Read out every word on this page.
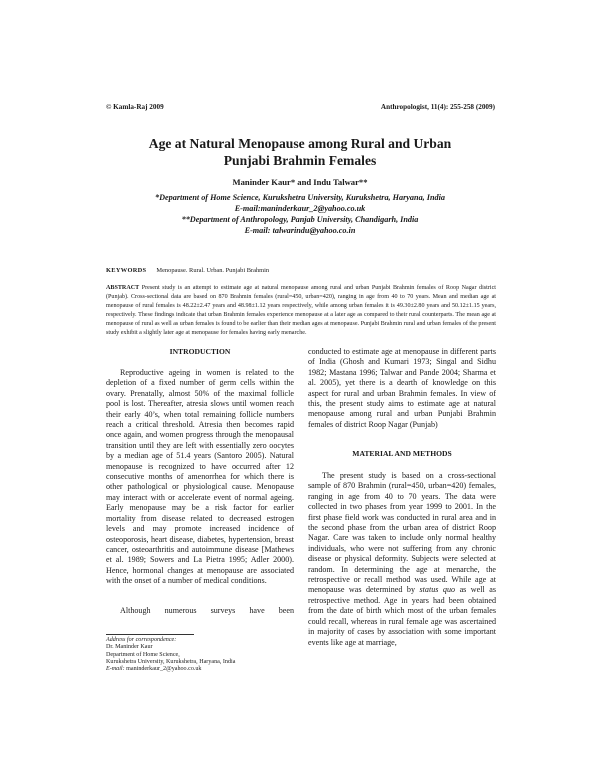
© Kamla-Raj 2009	Anthropologist, 11(4): 255-258 (2009)
Age at Natural Menopause among Rural and Urban
Punjabi Brahmin Females
Maninder Kaur* and Indu Talwar**
*Department of Home Science, Kurukshetra University, Kurukshetra, Haryana, India
E-mail:maninderkaur_2@yahoo.co.uk
**Department of Anthropology, Panjab University, Chandigarh, India
E-mail: talwarindu@yahoo.co.in
KEYWORDS Menopause. Rural. Urban. Punjabi Brahmin
ABSTRACT Present study is an attempt to estimate age at natural menopause among rural and urban Punjabi Brahmin females of Roop Nagar district (Punjab). Cross-sectional data are based on 870 Brahmin females (rural=450, urban=420), ranging in age from 40 to 70 years. Mean and median age at menopause of rural females is 48.22±2.47 years and 48.98±1.12 years respectively, while among urban females it is 49.30±2.80 years and 50.12±1.15 years, respectively. These findings indicate that urban Brahmin females experience menopause at a later age as compared to their rural counterparts. The mean age at menopause of rural as well as urban females is found to be earlier than their median ages at menopause. Punjabi Brahmin rural and urban females of the present study exhibit a slightly later age at menopause for females having early menarche.
INTRODUCTION
Reproductive ageing in women is related to the depletion of a fixed number of germ cells within the ovary. Prenatally, almost 50% of the maximal follicle pool is lost. Thereafter, atresia slows until women reach their early 40’s, when total remaining follicle numbers reach a critical threshold. Atresia then becomes rapid once again, and women progress through the menopausal transition until they are left with essentially zero oocytes by a median age of 51.4 years (Santoro 2005). Natural menopause is recognized to have occurred after 12 consecutive months of amenorrhea for which there is other pathological or physiological cause. Menopause may interact with or accelerate event of normal ageing. Early menopause may be a risk factor for earlier mortality from disease related to decreased estrogen levels and may promote increased incidence of osteoporosis, heart disease, diabetes, hypertension, breast cancer, osteoarthritis and autoimmune disease [Mathews et al. 1989; Sowers and La Pietra 1995; Adler 2000). Hence, hormonal changes at menopause are associated with the onset of a number of medical conditions.
Although numerous surveys have been
Address for correspondence:
Dr. Maninder Kaur
Department of Home Science,
Kurukshetra University, Kurukshetra, Haryana, India
E-mail: maninderkaur_2@yahoo.co.uk
conducted to estimate age at menopause in different parts of India (Ghosh and Kumari 1973; Singal and Sidhu 1982; Mastana 1996; Talwar and Pande 2004; Sharma et al. 2005), yet there is a dearth of knowledge on this aspect for rural and urban Brahmin females. In view of this, the present study aims to estimate age at natural menopause among rural and urban Punjabi Brahmin females of district Roop Nagar (Punjab)
MATERIAL AND METHODS
The present study is based on a cross-sectional sample of 870 Brahmin (rural=450, urban=420) females, ranging in age from 40 to 70 years. The data were collected in two phases from year 1999 to 2001. In the first phase field work was conducted in rural area and in the second phase from the urban area of district Roop Nagar. Care was taken to include only normal healthy individuals, who were not suffering from any chronic disease or physical deformity. Subjects were selected at random. In determining the age at menarche, the retrospective or recall method was used. While age at menopause was determined by status quo as well as retrospective method. Age in years had been obtained from the date of birth which most of the urban females could recall, whereas in rural female age was ascertained in majority of cases by association with some important events like age at marriage,
